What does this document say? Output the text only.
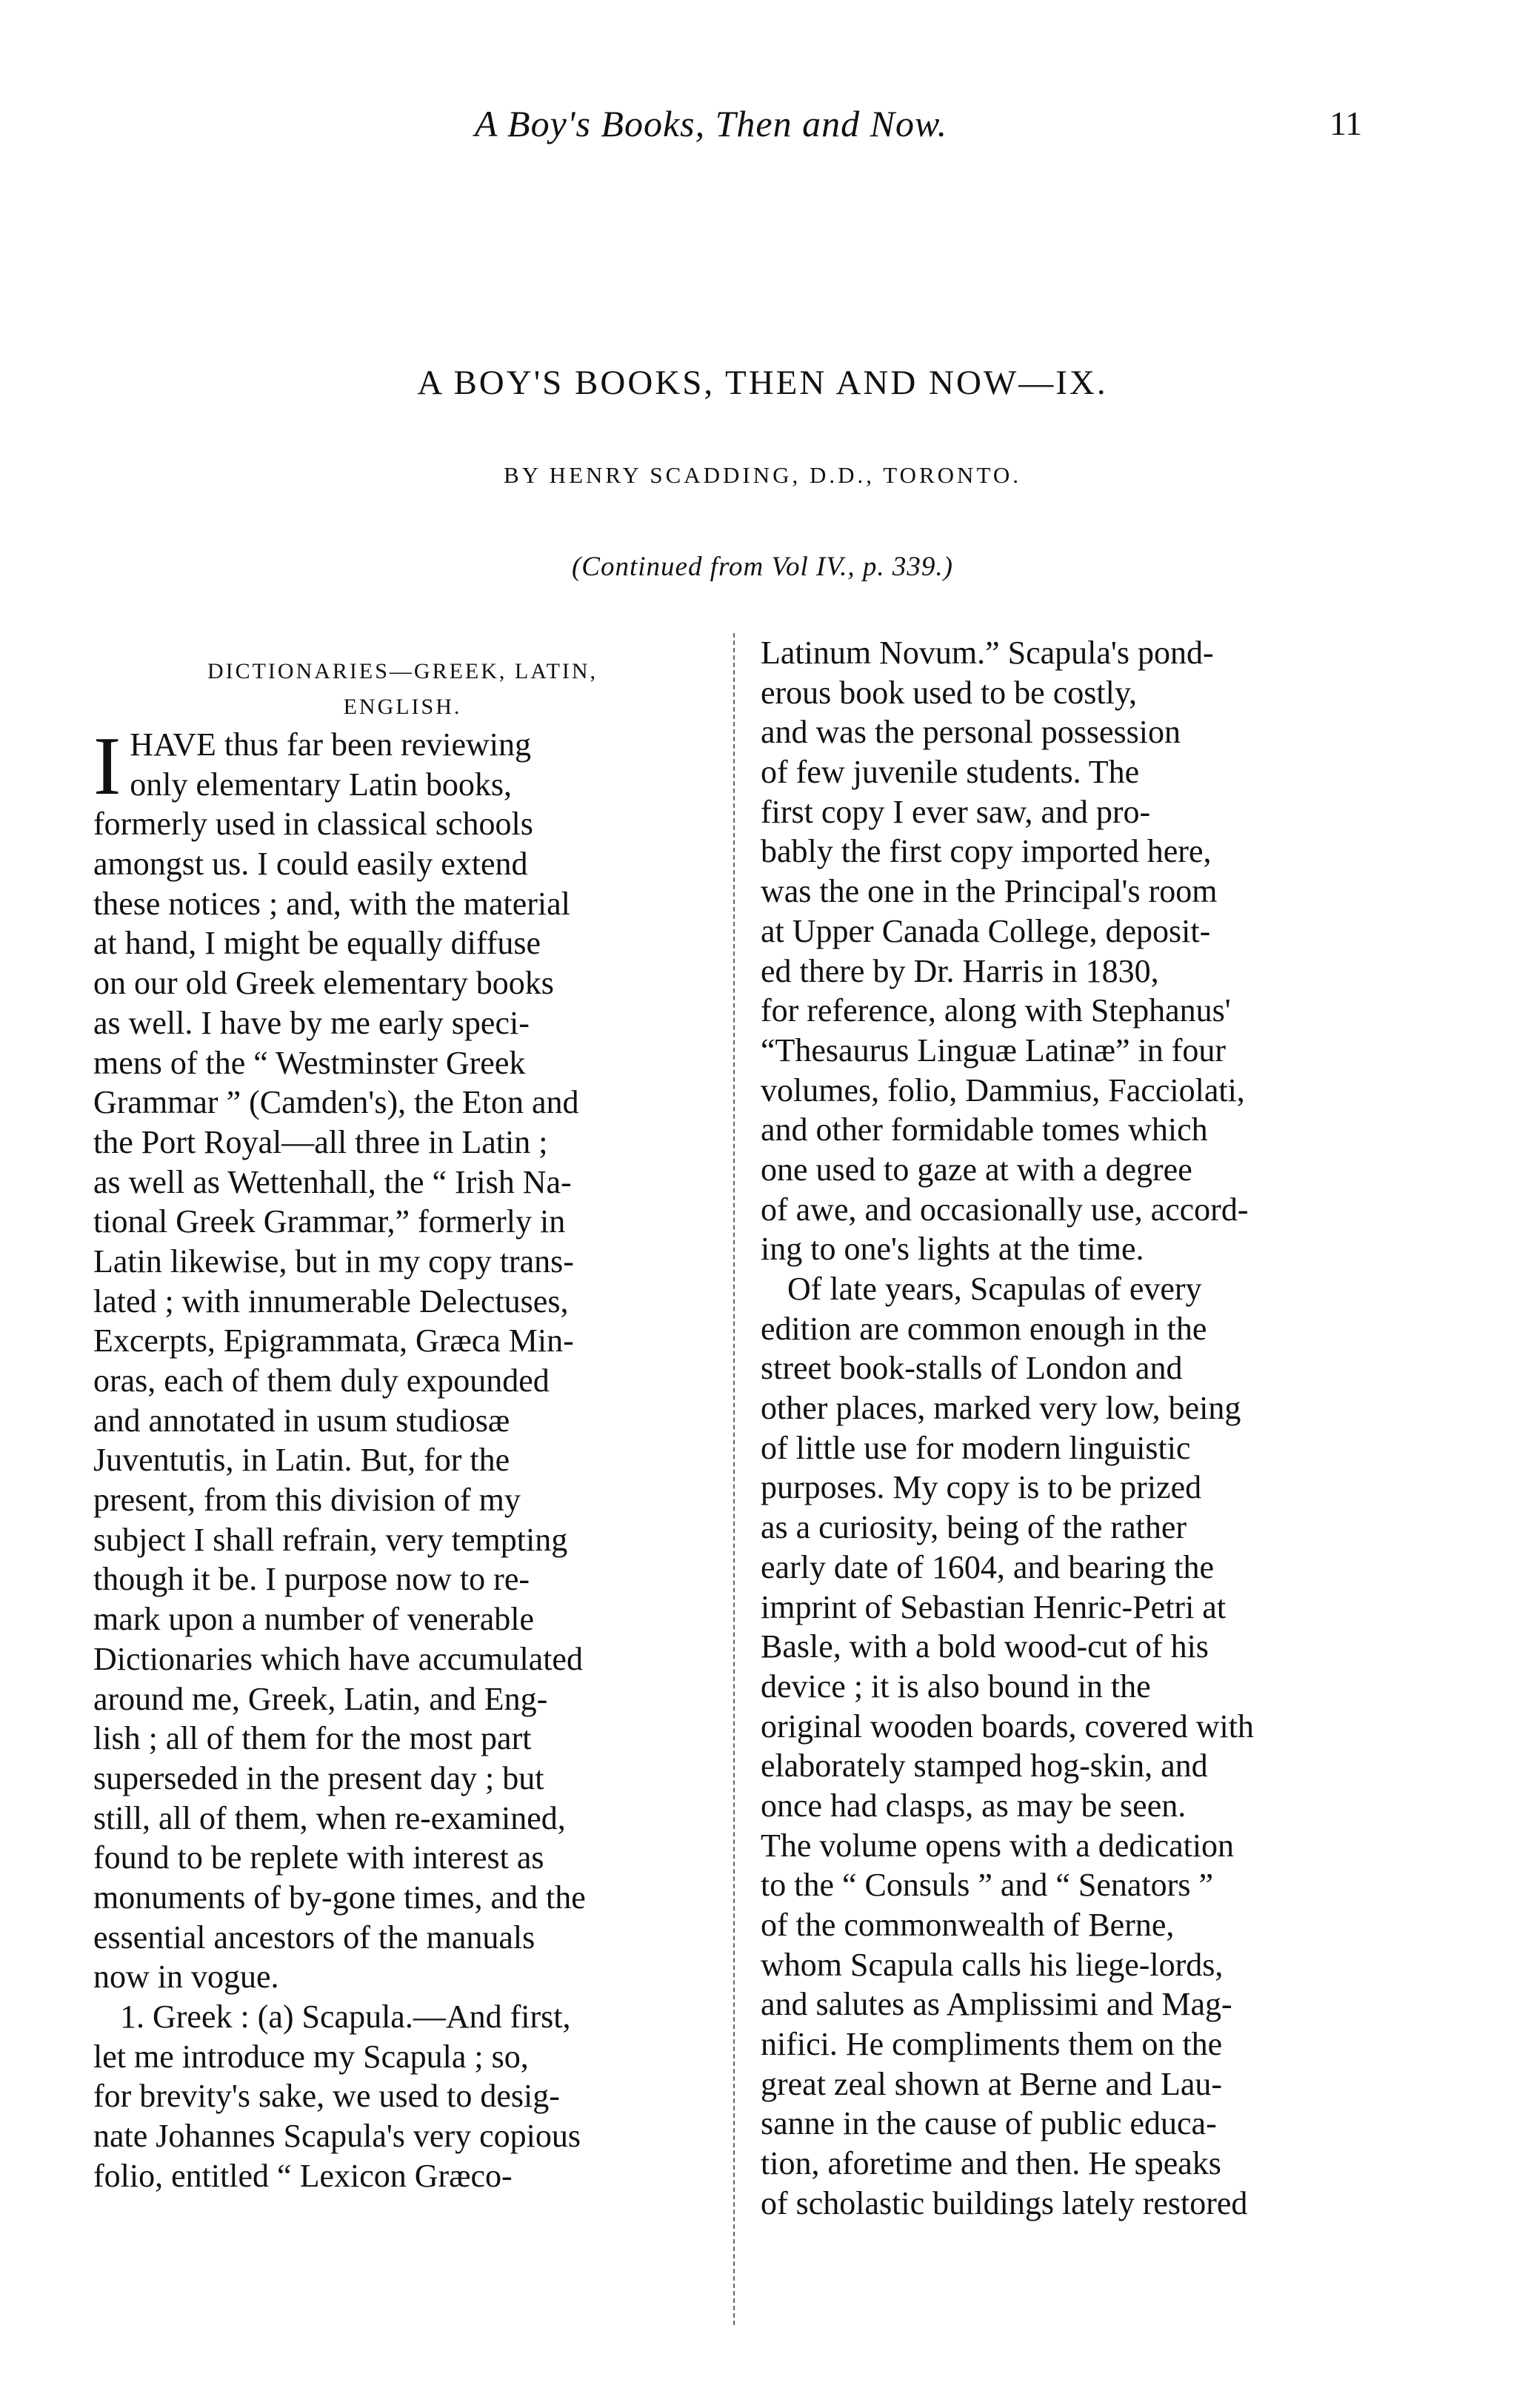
A Boy's Books, Then and Now.	11
A BOY'S BOOKS, THEN AND NOW—IX.
BY HENRY SCADDING, D.D., TORONTO.
(Continued from Vol IV., p. 339.)
DICTIONARIES—GREEK, LATIN,
ENGLISH.
I HAVE thus far been reviewing
only elementary Latin books,
formerly used in classical schools
amongst us. I could easily extend
these notices ; and, with the material
at hand, I might be equally diffuse
on our old Greek elementary books
as well. I have by me early speci-
mens of the “ Westminster Greek
Grammar ” (Camden's), the Eton and
the Port Royal—all three in Latin ;
as well as Wettenhall, the “ Irish Na-
tional Greek Grammar,” formerly in
Latin likewise, but in my copy trans-
lated ; with innumerable Delectuses,
Excerpts, Epigrammata, Græca Min-
oras, each of them duly expounded
and annotated in usum studiosæ
Juventutis, in Latin. But, for the
present, from this division of my
subject I shall refrain, very tempting
though it be. I purpose now to re-
mark upon a number of venerable
Dictionaries which have accumulated
around me, Greek, Latin, and Eng-
lish ; all of them for the most part
superseded in the present day ; but
still, all of them, when re-examined,
found to be replete with interest as
monuments of by-gone times, and the
essential ancestors of the manuals
now in vogue.
1. Greek : (a) Scapula.—And first,
let me introduce my Scapula ; so,
for brevity's sake, we used to desig-
nate Johannes Scapula's very copious
folio, entitled “ Lexicon Græco-
Latinum Novum.” Scapula's pond-
erous book used to be costly,
and was the personal possession
of few juvenile students. The
first copy I ever saw, and pro-
bably the first copy imported here,
was the one in the Principal's room
at Upper Canada College, deposit-
ed there by Dr. Harris in 1830,
for reference, along with Stephanus'
“Thesaurus Linguæ Latinæ” in four
volumes, folio, Dammius, Facciolati,
and other formidable tomes which
one used to gaze at with a degree
of awe, and occasionally use, accord-
ing to one's lights at the time.
Of late years, Scapulas of every
edition are common enough in the
street book-stalls of London and
other places, marked very low, being
of little use for modern linguistic
purposes. My copy is to be prized
as a curiosity, being of the rather
early date of 1604, and bearing the
imprint of Sebastian Henric-Petri at
Basle, with a bold wood-cut of his
device ; it is also bound in the
original wooden boards, covered with
elaborately stamped hog-skin, and
once had clasps, as may be seen.
The volume opens with a dedication
to the “ Consuls ” and “ Senators ”
of the commonwealth of Berne,
whom Scapula calls his liege-lords,
and salutes as Amplissimi and Mag-
nifici. He compliments them on the
great zeal shown at Berne and Lau-
sanne in the cause of public educa-
tion, aforetime and then. He speaks
of scholastic buildings lately restored
